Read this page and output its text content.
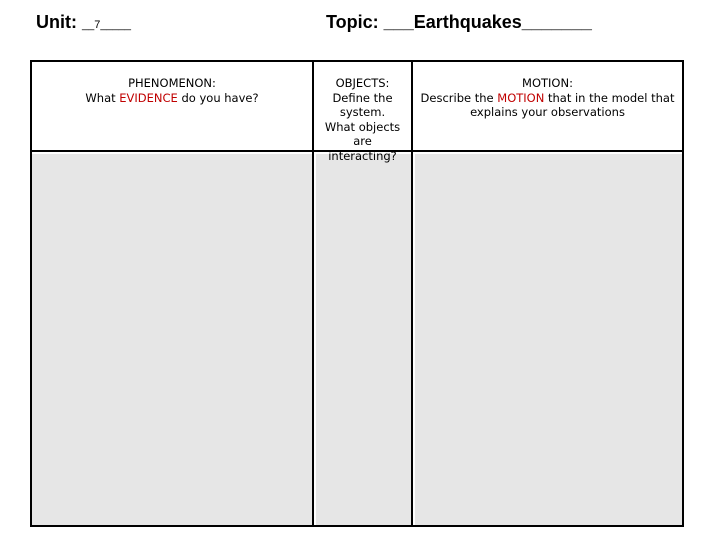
Unit: __7_____	Topic: ___Earthquakes_______
PHENOMENON:
What EVIDENCE do you have?
OBJECTS:
Define the
system.
What objects are
interacting?
MOTION:
Describe the MOTION that in the model that
explains your observations
